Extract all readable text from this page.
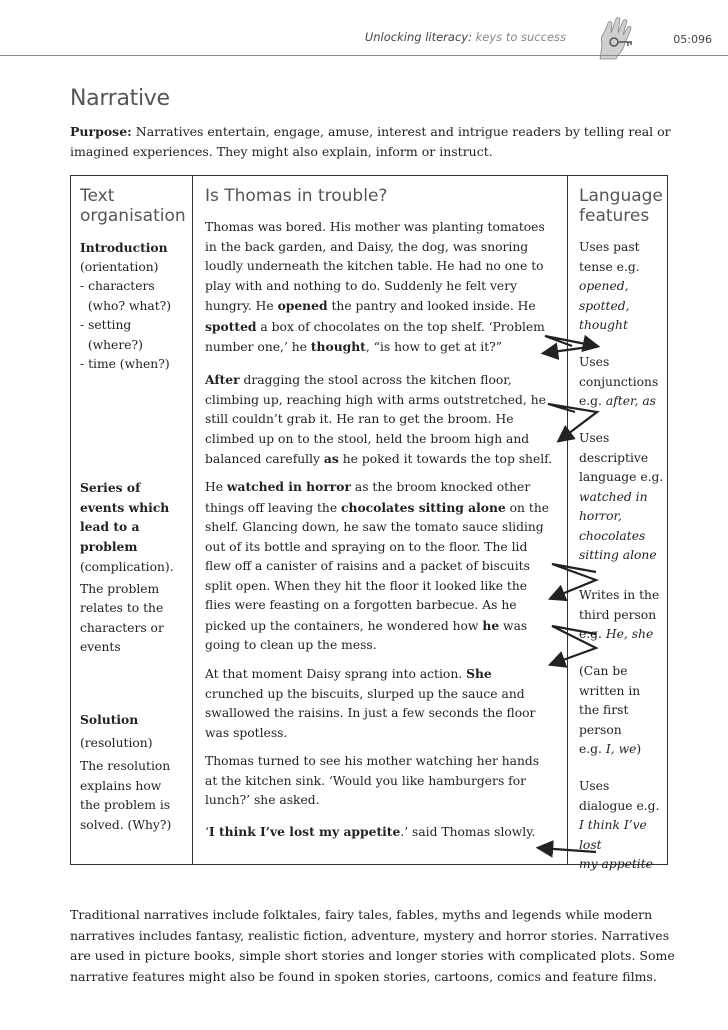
Unlocking literacy: keys to success	05:096
Narrative
Purpose: Narratives entertain, engage, amuse, interest and intrigue readers by telling real or imagined experiences. They might also explain, inform or instruct.
Text
organisation
Is Thomas in trouble?	Language
features
Introduction
(orientation)
- characters
(who? what?)
- setting
(where?)
- time (when?)
Series of
events which
lead to a
problem
(complication).
The problem
relates to the
characters or
events
Solution
(resolution)
The resolution
explains how
the problem is
solved. (Why?)
Thomas was bored. His mother was planting tomatoes
in the back garden, and Daisy, the dog, was snoring
loudly underneath the kitchen table. He had no one to
play with and nothing to do. Suddenly he felt very
hungry. He opened the pantry and looked inside. He
spotted a box of chocolates on the top shelf. ‘Problem
number one,’ he thought, “is how to get at it?”
After dragging the stool across the kitchen floor,
climbing up, reaching high with arms outstretched, he
still couldn’t grab it. He ran to get the broom. He
climbed up on to the stool, held the broom high and
balanced carefully as he poked it towards the top shelf.
He watched in horror as the broom knocked other
things off leaving the chocolates sitting alone on the
shelf. Glancing down, he saw the tomato sauce sliding
out of its bottle and spraying on to the floor. The lid
flew off a canister of raisins and a packet of biscuits
split open. When they hit the floor it looked like the
flies were feasting on a forgotten barbecue. As he
picked up the containers, he wondered how he was
going to clean up the mess.
At that moment Daisy sprang into action. She
crunched up the biscuits, slurped up the sauce and
swallowed the raisins. In just a few seconds the floor
was spotless.
Thomas turned to see his mother watching her hands
at the kitchen sink. ‘Would you like hamburgers for
lunch?’ she asked.
‘I think I’ve lost my appetite.’ said Thomas slowly.
Uses past
tense e.g.
opened,
spotted,
thought
Uses
conjunctions
e.g. after, as
Uses
descriptive
language e.g.
watched in
horror,
chocolates
sitting alone
Writes in the
third person
e.g. He, she
(Can be
written in
the first
person
e.g. I, we)
Uses
dialogue e.g.
I think I’ve lost
my appetite
Traditional narratives include folktales, fairy tales, fables, myths and legends while modern narratives includes fantasy, realistic fiction, adventure, mystery and horror stories. Narratives are used in picture books, simple short stories and longer stories with complicated plots. Some narrative features might also be found in spoken stories, cartoons, comics and feature films.
